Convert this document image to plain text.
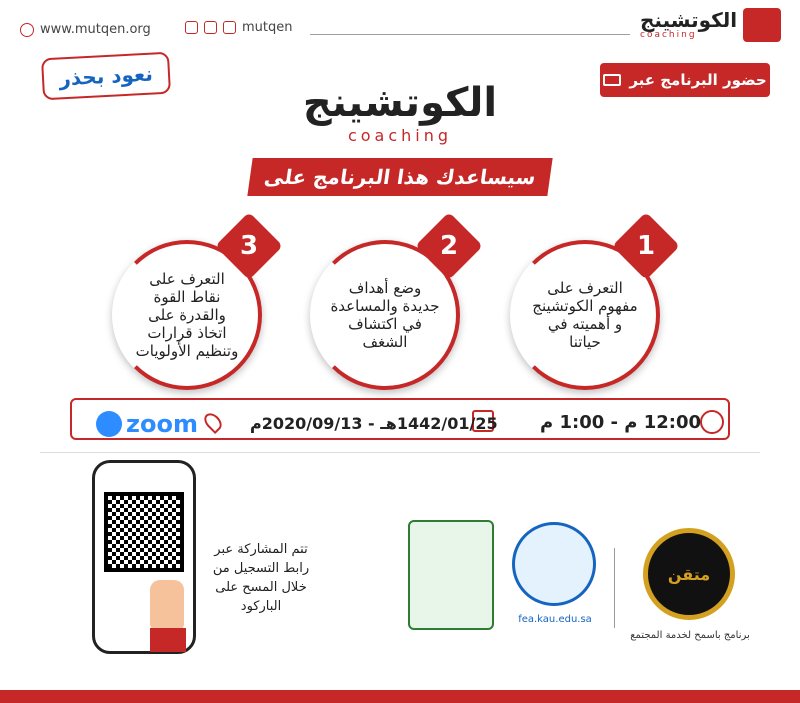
www.mutqen.org	mutqen	الكوتشينج
coaching
نعود بحذر	حضور البرنامج عبر
الكوتشينج
coaching
سيساعدك هذا البرنامج على
التعرف على مفهوم الكوتشينج و أهميته في حياتنا
1
وضع أهداف جديدة والمساعدة في اكتشاف الشغف
2
التعرف على نقاط القوة والقدرة على اتخاذ قرارات وتنظيم الأولويات
3
12:00 م - 1:00 م
1442/01/25هـ - 2020/09/13م
zoom
تتم المشاركة عبر رابط التسجيل من خلال المسح على الباركود
fea.kau.edu.sa
متقن
برنامج باسمح لخدمة المجتمع
